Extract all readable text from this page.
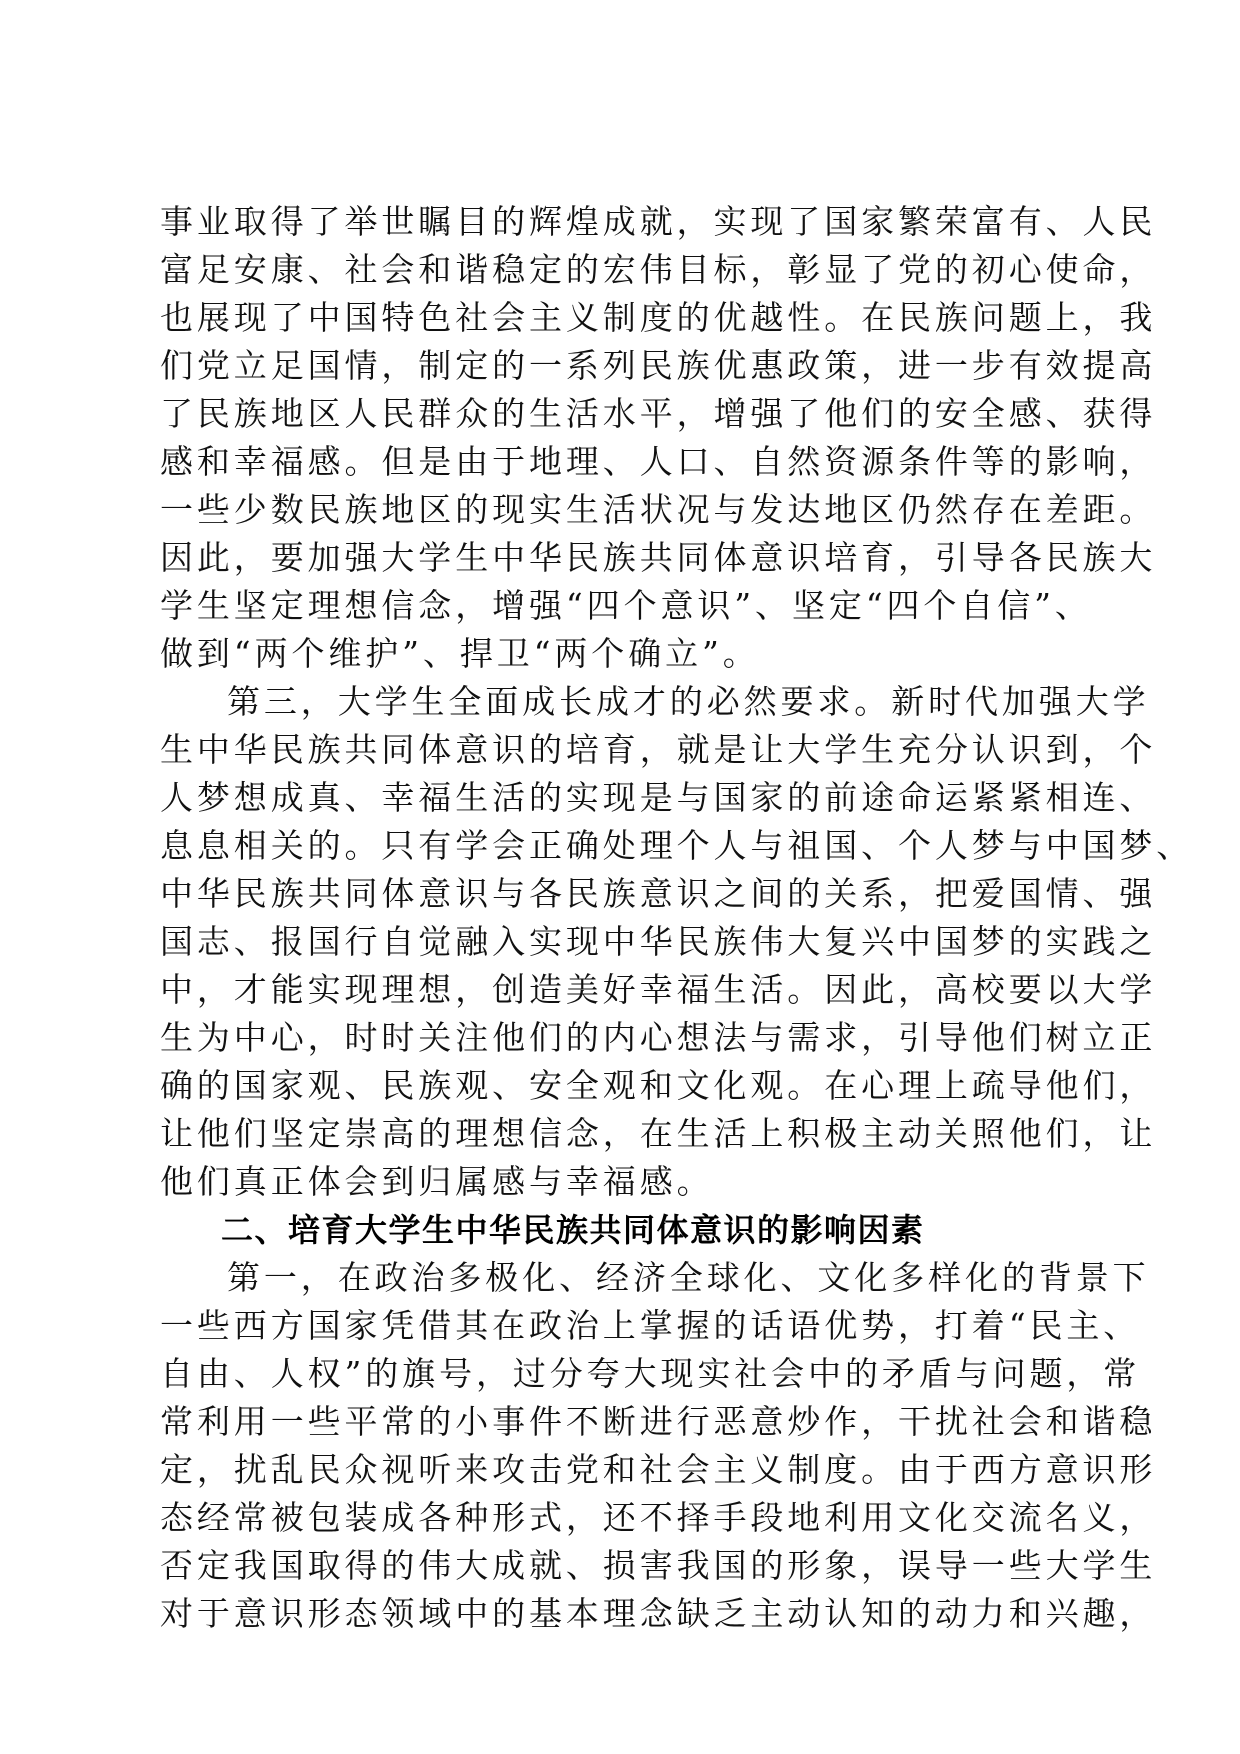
事业取得了举世瞩目的辉煌成就，实现了国家繁荣富有、人民

富足安康、社会和谐稳定的宏伟目标，彰显了党的初心使命，

也展现了中国特色社会主义制度的优越性。在民族问题上，我

们党立足国情，制定的一系列民族优惠政策，进一步有效提高

了民族地区人民群众的生活水平，增强了他们的安全感、获得

感和幸福感。但是由于地理、人口、自然资源条件等的影响，

一些少数民族地区的现实生活状况与发达地区仍然存在差距。

因此，要加强大学生中华民族共同体意识培育，引导各民族大

学生坚定理想信念，增强“四个意识”、坚定“四个自信”、

做到“两个维护”、捍卫“两个确立”。

第三，大学生全面成长成才的必然要求。新时代加强大学

生中华民族共同体意识的培育，就是让大学生充分认识到，个

人梦想成真、幸福生活的实现是与国家的前途命运紧紧相连、

息息相关的。只有学会正确处理个人与祖国、个人梦与中国梦、

中华民族共同体意识与各民族意识之间的关系，把爱国情、强

国志、报国行自觉融入实现中华民族伟大复兴中国梦的实践之

中，才能实现理想，创造美好幸福生活。因此，高校要以大学

生为中心，时时关注他们的内心想法与需求，引导他们树立正

确的国家观、民族观、安全观和文化观。在心理上疏导他们，

让他们坚定崇高的理想信念，在生活上积极主动关照他们，让

他们真正体会到归属感与幸福感。

二、培育大学生中华民族共同体意识的影响因素

第一，在政治多极化、经济全球化、文化多样化的背景下

一些西方国家凭借其在政治上掌握的话语优势，打着“民主、

自由、人权”的旗号，过分夸大现实社会中的矛盾与问题，常

常利用一些平常的小事件不断进行恶意炒作，干扰社会和谐稳

定，扰乱民众视听来攻击党和社会主义制度。由于西方意识形

态经常被包装成各种形式，还不择手段地利用文化交流名义，

否定我国取得的伟大成就、损害我国的形象，误导一些大学生

对于意识形态领域中的基本理念缺乏主动认知的动力和兴趣，
